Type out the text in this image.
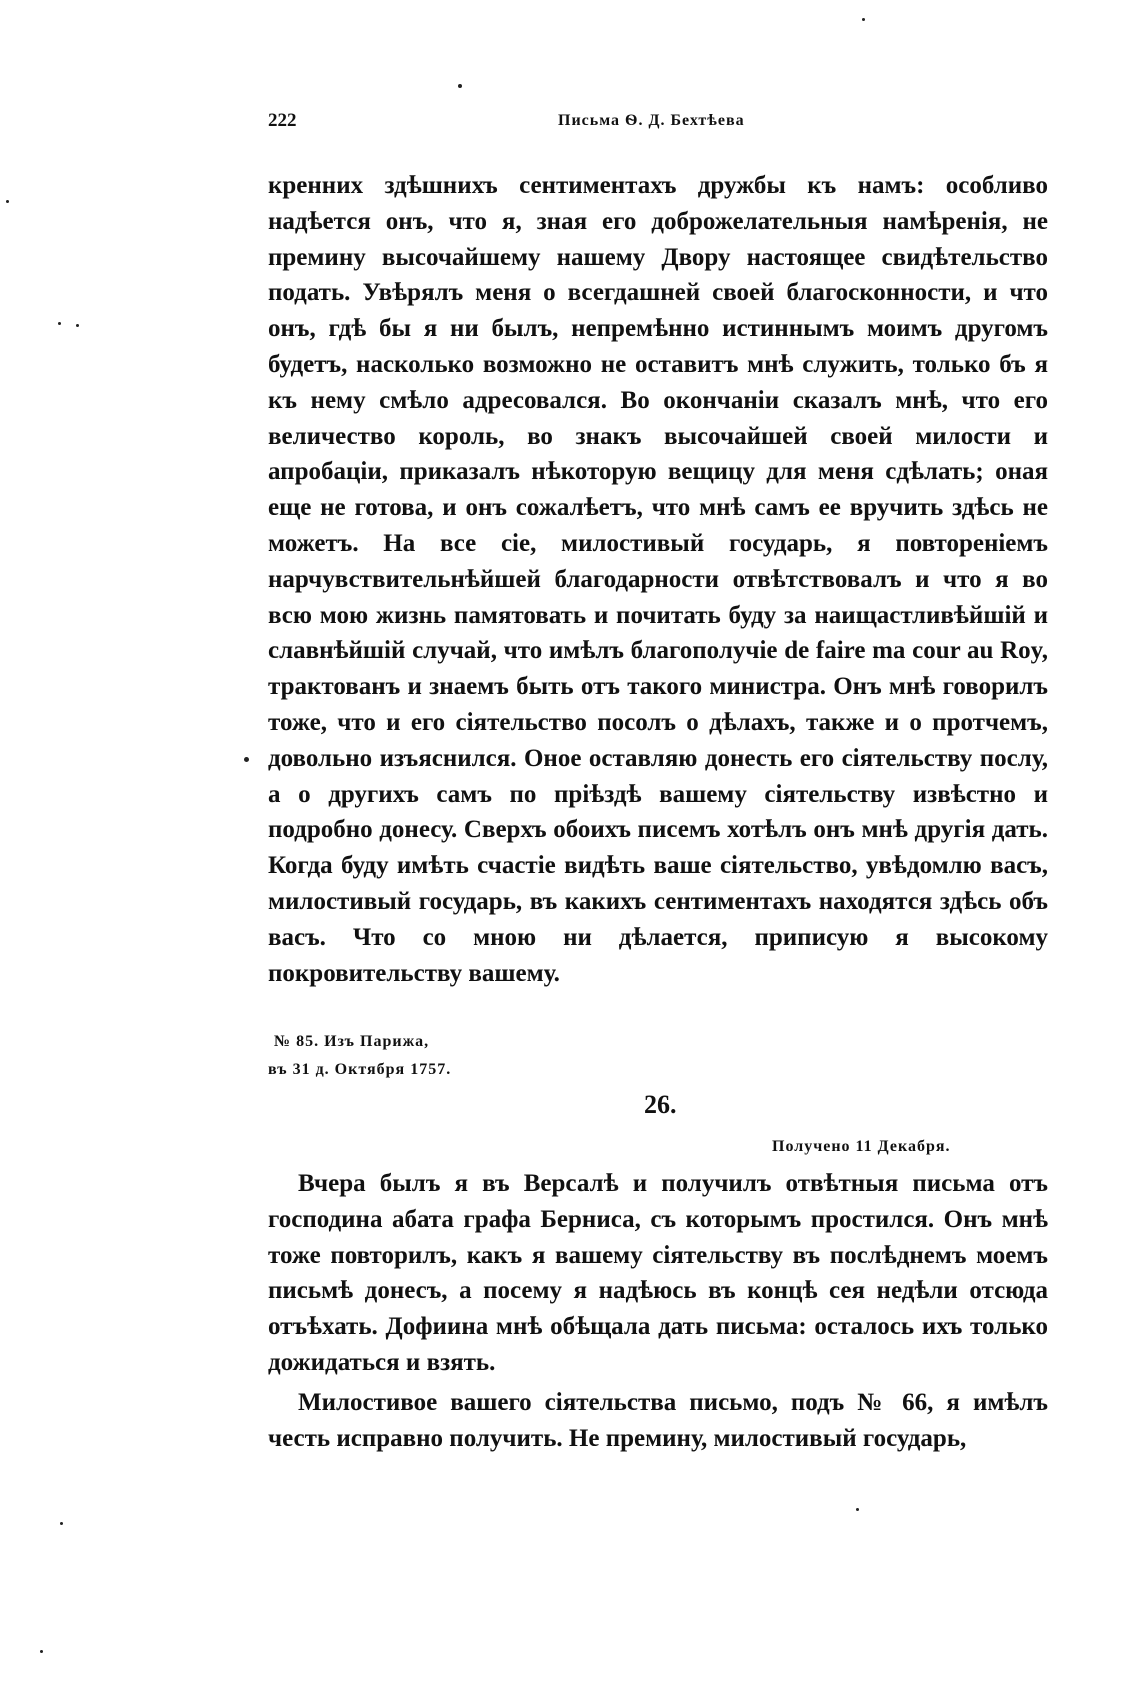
222	Письма Ѳ. Д. Бехтѣева

кренних здѣшнихъ сентиментахъ дружбы къ намъ: особливо надѣется онъ, что я, зная его доброжелательныя намѣренія, не премину высочайшему нашему Двору настоящее свидѣтельство подать. Увѣрялъ меня о всегдашней своей благосконности, и что онъ, гдѣ бы я ни былъ, непремѣнно истиннымъ моимъ другомъ будетъ, насколько возможно не оставитъ мнѣ служить, только бъ я къ нему смѣло адресовался. Во окончаніи сказалъ мнѣ, что его величество король, во знакъ высочайшей своей милости и апробаціи, приказалъ нѣкоторую вещицу для меня сдѣлать; оная еще не готова, и онъ сожалѣетъ, что мнѣ самъ ее вручить здѣсь не можетъ. На все сіе, милостивый государь, я повтореніемъ нарчувствительнѣйшей благодарности отвѣтствовалъ и что я во всю мою жизнь памятовать и почитать буду за наищастливѣйшій и славнѣйшій случай, что имѣлъ благополучіе de faire ma cour au Roy, трактованъ и знаемъ быть отъ такого министра. Онъ мнѣ говорилъ тоже, что и его сіятельство посолъ о дѣлахъ, также и о протчемъ, довольно изъяснился. Оное оставляю донесть его сіятельству послу, а о другихъ самъ по пріѣздѣ вашему сіятельству извѣстно и подробно донесу. Сверхъ обоихъ писемъ хотѣлъ онъ мнѣ другія дать. Когда буду имѣть счастіе видѣть ваше сіятельство, увѣдомлю васъ, милостивый государь, въ какихъ сентиментахъ находятся здѣсь объ васъ. Что со мною ни дѣлается, приписую я высокому покровительству вашему.

№ 85. Изъ Парижа,
въ 31 д. Октября 1757.
26.
Получено 11 Декабря.

Вчера былъ я въ Версалѣ и получилъ отвѣтныя письма отъ господина абата графа Берниса, съ которымъ простился. Онъ мнѣ тоже повторилъ, какъ я вашему сіятельству въ послѣднемъ моемъ письмѣ донесъ, а посему я надѣюсь въ концѣ сея недѣли отсюда отъѣхать. Дофиина мнѣ обѣщала дать письма: осталось ихъ только дожидаться и взять.

Милостивое вашего сіятельства письмо, подъ № 66, я имѣлъ честь исправно получить. Не премину, милостивый государь,
